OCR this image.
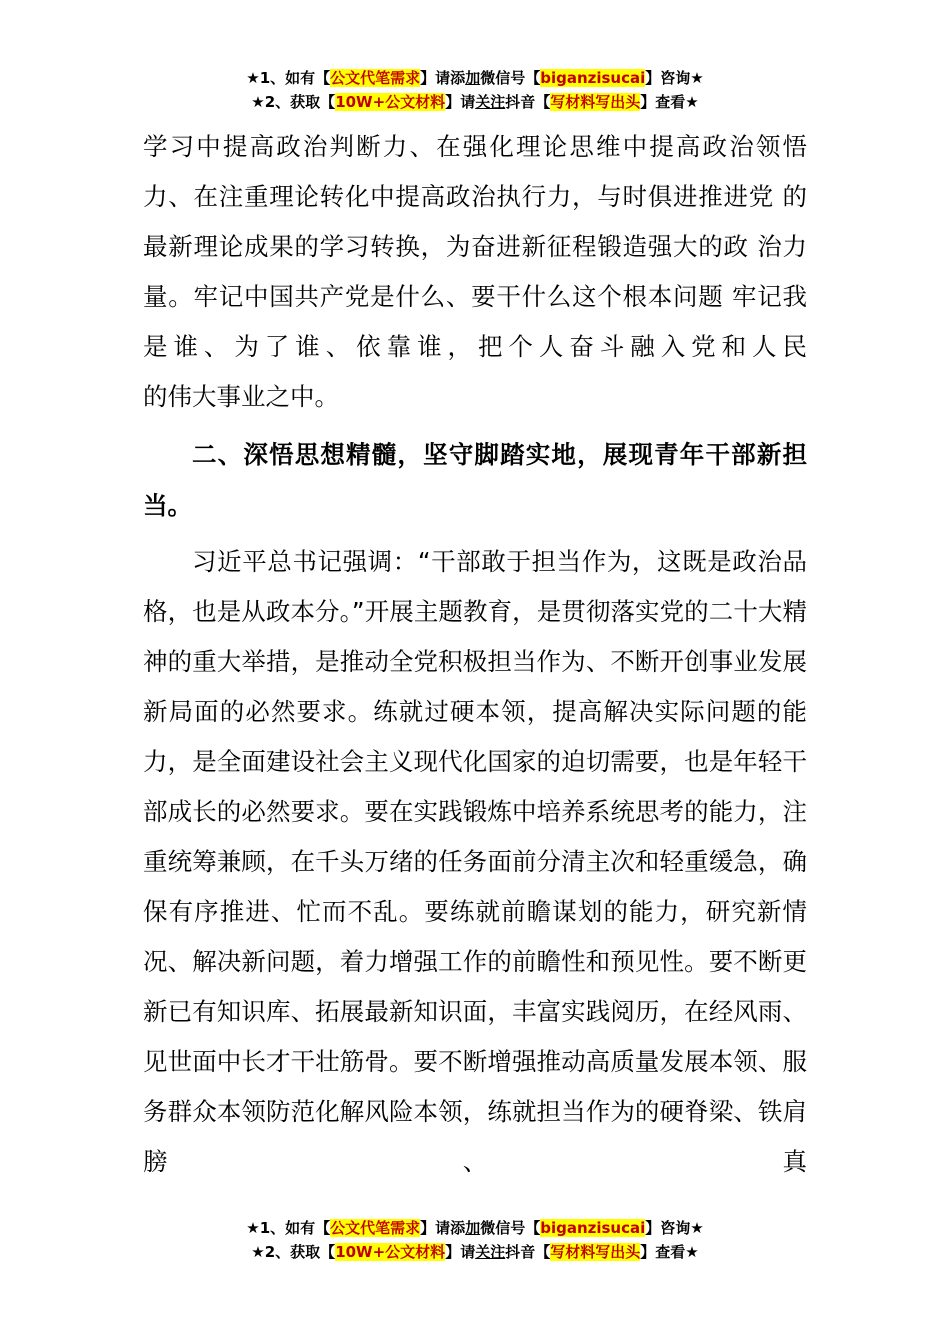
★1、如有【公文代笔需求】请添加微信号【biganzisucai】咨询★
★2、获取【10W+公文材料】请关注抖音【写材料写出头】查看★

学习中提高政治判断力、在强化理论思维中提高政治领悟 力、在注重理论转化中提高政治执行力，与时俱进推进党 的最新理论成果的学习转换，为奋进新征程锻造强大的政 治力量。牢记中国共产党是什么、要干什么这个根本问题 牢记我是谁、为了谁、依靠谁，把个人奋斗融入党和人民
的伟大事业之中。

二、深悟思想精髓，坚守脚踏实地，展现青年干部新担当。

习近平总书记强调：“干部敢于担当作为，这既是政治品格，也是从政本分。”开展主题教育，是贯彻落实党的二十大精神的重大举措，是推动全党积极担当作为、不断开创事业发展新局面的必然要求。练就过硬本领，提高解决实际问题的能力，是全面建设社会主义现代化国家的迫切需要，也是年轻干部成长的必然要求。要在实践锻炼中培养系统思考的能力，注重统筹兼顾，在千头万绪的任务面前分清主次和轻重缓急，确保有序推进、忙而不乱。要练就前瞻谋划的能力，研究新情况、解决新问题，着力增强工作的前瞻性和预见性。要不断更新已有知识库、拓展最新知识面，丰富实践阅历，在经风雨、见世面中长才干壮筋骨。要不断增强推动高质量发展本领、服务群众本领防范化解风险本领，练就担当作为的硬脊梁、铁肩膀、真

★1、如有【公文代笔需求】请添加微信号【biganzisucai】咨询★
★2、获取【10W+公文材料】请关注抖音【写材料写出头】查看★
